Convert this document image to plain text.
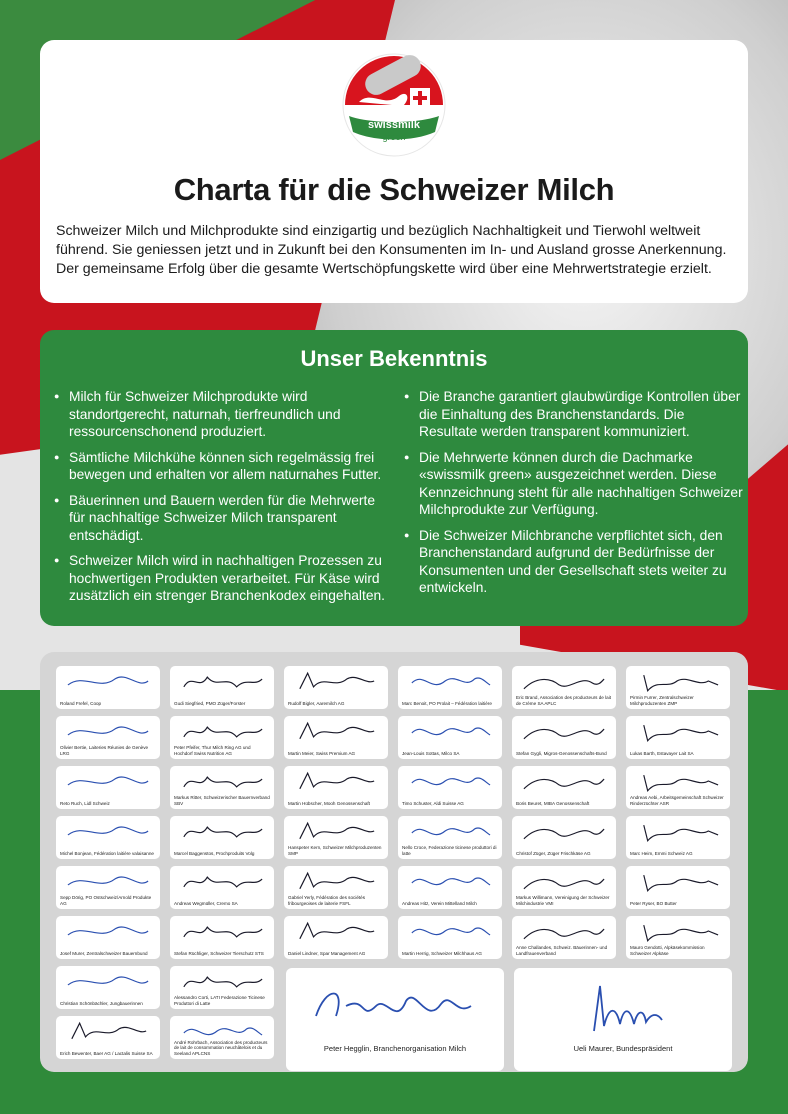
swissmilk
green
Charta für die Schweizer Milch
Schweizer Milch und Milchprodukte sind einzigartig und bezüglich Nachhaltigkeit und Tierwohl weltweit führend. Sie geniessen jetzt und in Zukunft bei den Konsumenten im In- und Ausland grosse Anerkennung. Der gemeinsame Erfolg über die gesamte Wertschöpfungskette wird über eine Mehrwertstrategie erzielt.
Unser Bekenntnis
● Milch für Schweizer Milchprodukte wird standortgerecht, naturnah, tierfreundlich und ressourcenschonend produziert.
● Sämtliche Milchkühe können sich regelmässig frei bewegen und erhalten vor allem naturnahes Futter.
● Bäuerinnen und Bauern werden für die Mehrwerte für nachhaltige Schweizer Milch transparent entschädigt.
● Schweizer Milch wird in nachhaltigen Prozessen zu hochwertigen Produkten verarbeitet. Für Käse wird zusätzlich ein strenger Branchenkodex eingehalten.
● Die Branche garantiert glaubwürdige Kontrollen über die Einhaltung des Branchenstandards. Die Resultate werden transparent kommuniziert.
● Die Mehrwerte können durch die Dachmarke «swissmilk green» ausgezeichnet werden. Diese Kennzeichnung steht für alle nachhaltigen Schweizer Milchprodukte zur Verfügung.
● Die Schweizer Milchbranche verpflichtet sich, den Branchenstandard aufgrund der Bedürfnisse der Konsumenten und der Gesellschaft stets weiter zu entwickeln.
Peter Hegglin, Branchenorganisation Milch	Ueli Maurer, Bundespräsident
Roland Frefel, Coop	Gudi Siegfried, PMO Züger/Forster	Rudolf Bigler, Aaremilch AG	Marc Benoit, PO Prolait – Fédération laitière
Eric Brand, Association des producteurs de lait de Crème SA APLC
Pirmin Furrer, Zentralschweizer Milchproduzenten ZMP
Olivier Bertie, Laiteries Réunies de Genève LRG
Peter Pfeifer, Thur Milch Ring AG und Hochdorf Swiss Nutrition AG	Martin Meier, Swiss Premium AG	Jean-Louis Sottas, Milco SA	Stefan Gygli, Migros-Genossenschafts-Bund	Lukas Barth, Estavayer Lait SA
Reto Ruch, Lidl Schweiz
Markus Ritter, Schweizerischer Bauernverband SBV	Martin Hübscher, Mooh Genossenschaft	Timo Schuster, Aldi Suisse AG	Boris Beuret, MIBA Genossenschaft
Andreas Aebi, Arbeitsgemeinschaft Schweizer Rinderzüchter ASR
Michel Bonjean, Fédération laitière valaisanne	Marcel Baggenstos, Prochproduits Volg
Hanspeter Kern, Schweizer Milchproduzenten SMP
Nello Croce, Federazione ticinese produttori di latte	Christof Züger, Züger Frischkäse AG	Marc Heim, Emmi Schweiz AG
Sepp Dörig, PO Ostschweiz/Arnold Produkte AG	Andreas Wegmüller, Cremo SA
Gabriel Yerly, Fédération des sociétés fribourgeoises de laiterie FSFL	Andreas Hitz, Verein Mittelland Milch
Markus Willimann, Vereinigung der Schweizer Milchindustrie VMI	Peter Ryser, BO Butter
Josef Murer, Zentralschweizer Bauernbund	Stefan Rüchliger, Schweizer Tierschutz STS	Daniel Lindner, Spar Management AG	Martin Herrig, Schweizer Milchhaus AG
Anne Challandes, Schweiz. Bäuerinnen- und Landfrauenverband
Mauro Gendotti, Alpkäsekommission Schweizer Alpkäse
Christian Schönbächler, Jungbauerinnen
Alessandro Corti, LATI Federazione Ticinese Produttori di Latte
Erich Bewenter, Baer AG / Lactalis Suisse SA
André Rohrbach, Association des producteurs de lait de consommation neuchâtelois et du Seeland APLCNS
